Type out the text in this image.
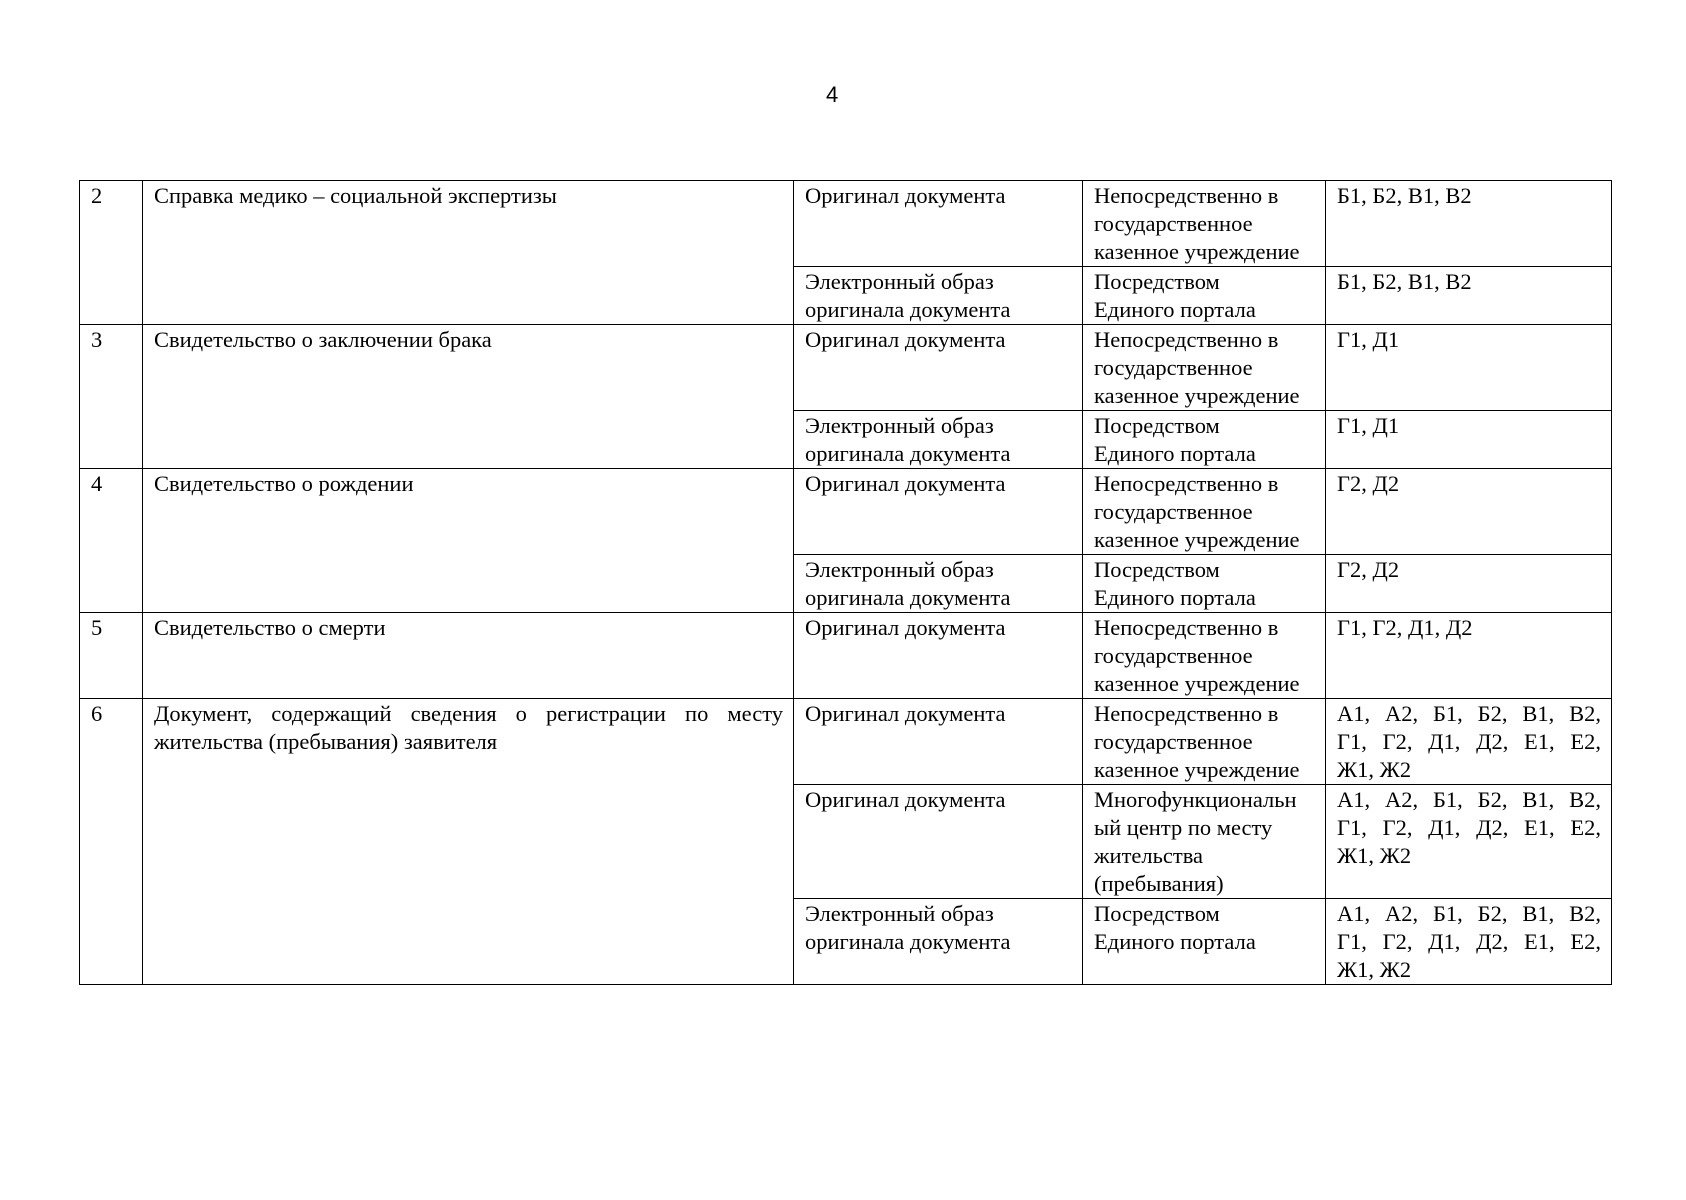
4
2	Справка медико – социальной экспертизы	Оригинал документа	Непосредственно в
государственное
казенное учреждение	Б1, Б2, В1, В2
		Электронный образ
оригинала документа	Посредством
Единого портала	Б1, Б2, В1, В2
3	Свидетельство о заключении брака	Оригинал документа	Непосредственно в
государственное
казенное учреждение	Г1, Д1
		Электронный образ
оригинала документа	Посредством
Единого портала	Г1, Д1
4	Свидетельство о рождении	Оригинал документа	Непосредственно в
государственное
казенное учреждение	Г2, Д2
		Электронный образ
оригинала документа	Посредством
Единого портала	Г2, Д2
5	Свидетельство о смерти	Оригинал документа	Непосредственно в
государственное
казенное учреждение	Г1, Г2, Д1, Д2
6	Документ, содержащий сведения о регистрации по месту жительства (пребывания) заявителя	Оригинал документа	Непосредственно в
государственное
казенное учреждение	А1, А2, Б1, Б2, В1, В2,
Г1, Г2, Д1, Д2, Е1, Е2,
Ж1, Ж2
		Оригинал документа	Многофункциональн
ый центр по месту
жительства
(пребывания)	А1, А2, Б1, Б2, В1, В2,
Г1, Г2, Д1, Д2, Е1, Е2,
Ж1, Ж2
		Электронный образ
оригинала документа	Посредством
Единого портала	А1, А2, Б1, Б2, В1, В2,
Г1, Г2, Д1, Д2, Е1, Е2,
Ж1, Ж2
